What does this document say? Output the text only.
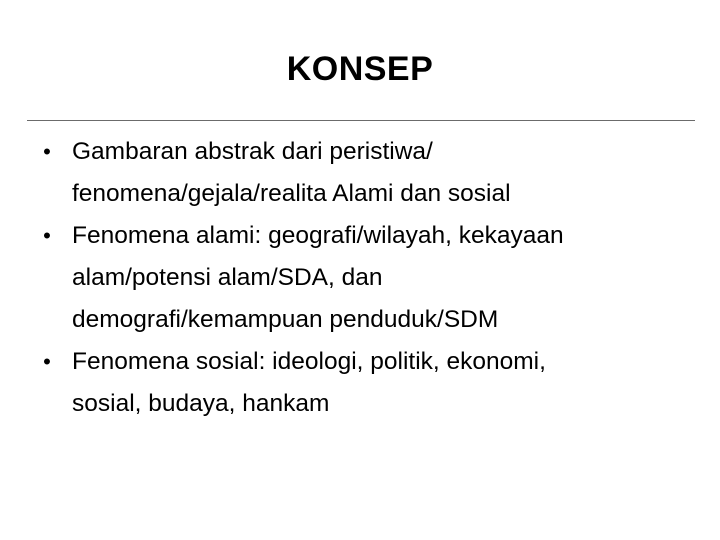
KONSEP
• Gambaran abstrak dari peristiwa/
fenomena/gejala/realita Alami dan sosial
• Fenomena alami: geografi/wilayah, kekayaan
alam/potensi alam/SDA, dan
demografi/kemampuan penduduk/SDM
• Fenomena sosial: ideologi, politik, ekonomi,
sosial, budaya, hankam
